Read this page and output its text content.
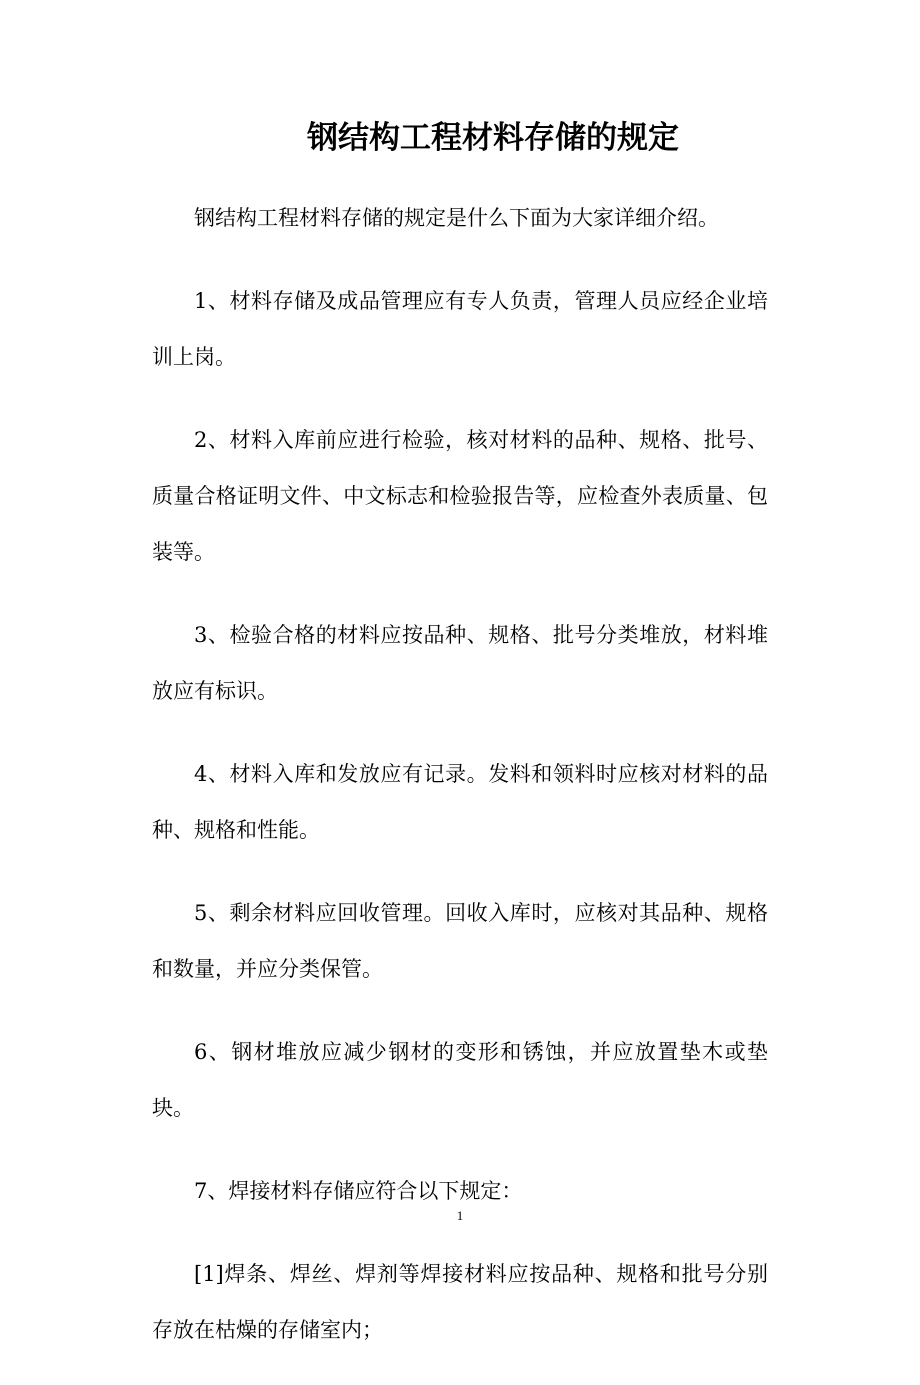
钢结构工程材料存储的规定

钢结构工程材料存储的规定是什么下面为大家详细介绍。

1、材料存储及成品管理应有专人负责，管理人员应经企业培训上岗。

2、材料入库前应进行检验，核对材料的品种、规格、批号、质量合格证明文件、中文标志和检验报告等，应检查外表质量、包装等。

3、检验合格的材料应按品种、规格、批号分类堆放，材料堆放应有标识。

4、材料入库和发放应有记录。发料和领料时应核对材料的品种、规格和性能。

5、剩余材料应回收管理。回收入库时，应核对其品种、规格和数量，并应分类保管。

6、钢材堆放应减少钢材的变形和锈蚀，并应放置垫木或垫块。

7、焊接材料存储应符合以下规定：

[1]焊条、焊丝、焊剂等焊接材料应按品种、规格和批号分别存放在枯燥的存储室内；

1
